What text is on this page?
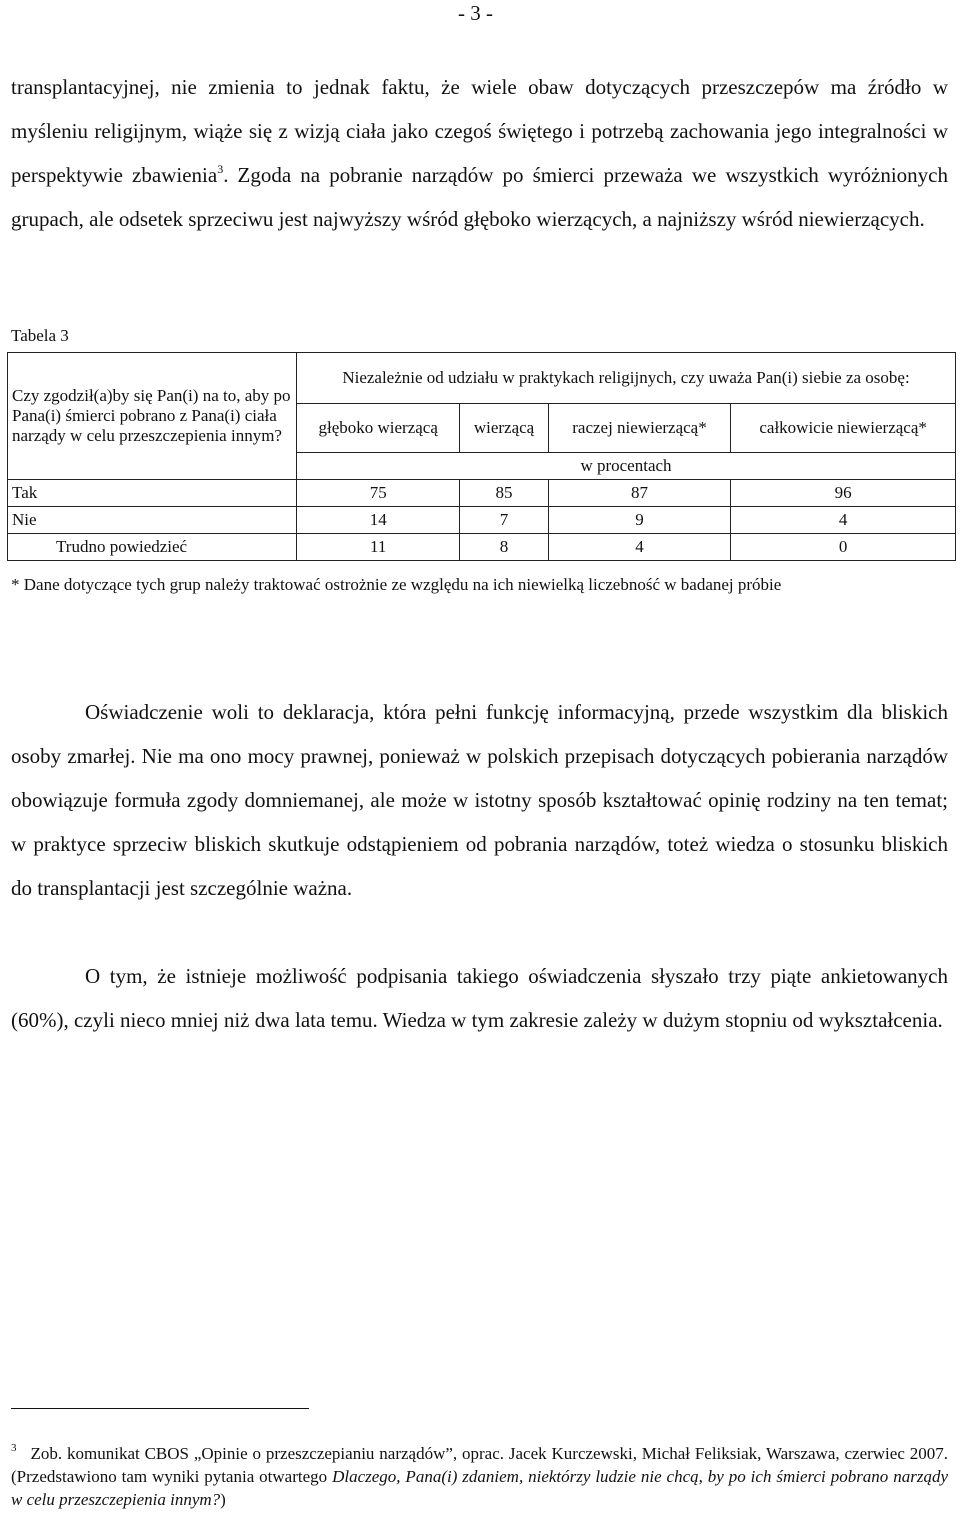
- 3 -

transplantacyjnej, nie zmienia to jednak faktu, że wiele obaw dotyczących przeszczepów ma źródło w myśleniu religijnym, wiąże się z wizją ciała jako czegoś świętego i potrzebą zachowania jego integralności w perspektywie zbawienia$^3$. Zgoda na pobranie narządów po śmierci przeważa we wszystkich wyróżnionych grupach, ale odsetek sprzeciwu jest najwyższy wśród głęboko wierzących, a najniższy wśród niewierzących.

Tabela 3
Czy zgodził(a)by się Pan(i) na to, aby po Pana(i) śmierci pobrano z Pana(i) ciała narządy w celu przeszczepienia innym?	Niezależnie od udziału w praktykach religijnych, czy uważa Pan(i) siebie za osobę:			
	głęboko wierzącą	wierzącą	raczej niewierzącą*	całkowicie niewierzącą*
	w procentach			
Tak	75	85	87	96
Nie	14	7	9	4
Trudno powiedzieć	11	8	4	0
* Dane dotyczące tych grup należy traktować ostrożnie ze względu na ich niewielką liczebność w badanej próbie

Oświadczenie woli to deklaracja, która pełni funkcję informacyjną, przede wszystkim dla bliskich osoby zmarłej. Nie ma ono mocy prawnej, ponieważ w polskich przepisach dotyczących pobierania narządów obowiązuje formuła zgody domniemanej, ale może w istotny sposób kształtować opinię rodziny na ten temat; w praktyce sprzeciw bliskich skutkuje odstąpieniem od pobrania narządów, toteż wiedza o stosunku bliskich do transplantacji jest szczególnie ważna.

O tym, że istnieje możliwość podpisania takiego oświadczenia słyszało trzy piąte ankietowanych (60%), czyli nieco mniej niż dwa lata temu. Wiedza w tym zakresie zależy w dużym stopniu od wykształcenia.

$^3$ Zob. komunikat CBOS „Opinie o przeszczepianiu narządów”, oprac. Jacek Kurczewski, Michał Feliksiak, Warszawa, czerwiec 2007. (Przedstawiono tam wyniki pytania otwartego Dlaczego, Pana(i) zdaniem, niektórzy ludzie nie chcą, by po ich śmierci pobrano narządy w celu przeszczepienia innym?)
